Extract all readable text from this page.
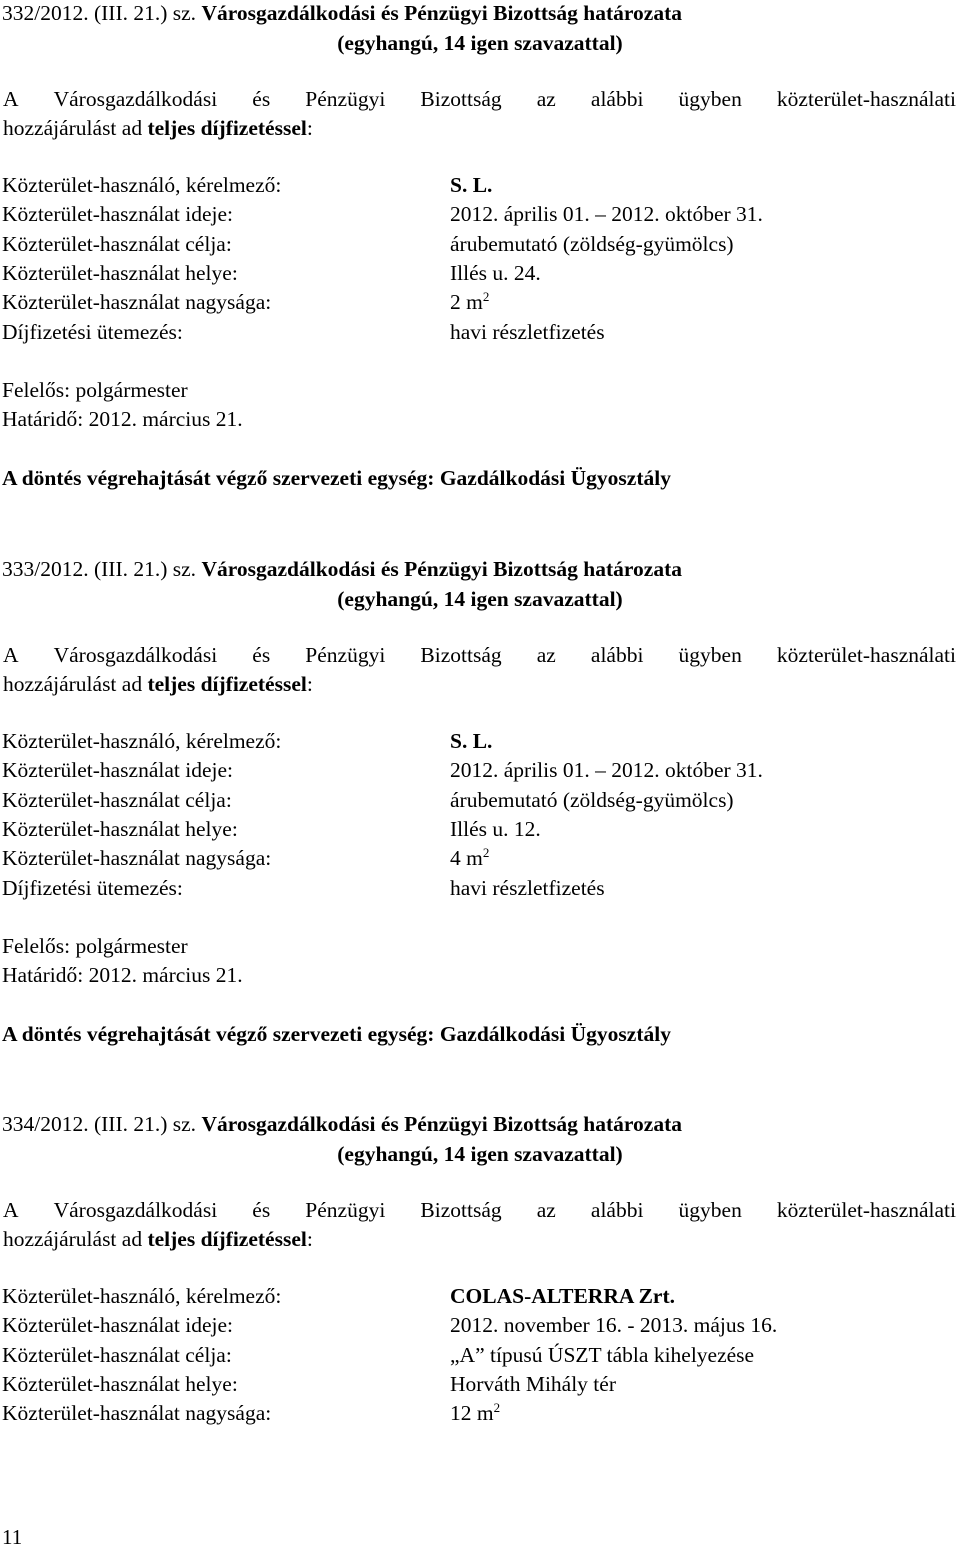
332/2012. (III. 21.) sz. Városgazdálkodási és Pénzügyi Bizottság határozata
(egyhangú, 14 igen szavazattal)
A Városgazdálkodási és Pénzügyi Bizottság az alábbi ügyben közterület-használati
hozzájárulást ad teljes díjfizetéssel:
Közterület-használó, kérelmező:	S. L.
Közterület-használat ideje:	2012. április 01. – 2012. október 31.
Közterület-használat célja:	árubemutató (zöldség-gyümölcs)
Közterület-használat helye:	Illés u. 24.
Közterület-használat nagysága:	2 $m^2$
Díjfizetési ütemezés:	havi részletfizetés
Felelős: polgármester
Határidő: 2012. március 21.
A döntés végrehajtását végző szervezeti egység: Gazdálkodási Ügyosztály
333/2012. (III. 21.) sz. Városgazdálkodási és Pénzügyi Bizottság határozata
(egyhangú, 14 igen szavazattal)
A Városgazdálkodási és Pénzügyi Bizottság az alábbi ügyben közterület-használati
hozzájárulást ad teljes díjfizetéssel:
Közterület-használó, kérelmező:	S. L.
Közterület-használat ideje:	2012. április 01. – 2012. október 31.
Közterület-használat célja:	árubemutató (zöldség-gyümölcs)
Közterület-használat helye:	Illés u. 12.
Közterület-használat nagysága:	4 $m^2$
Díjfizetési ütemezés:	havi részletfizetés
Felelős: polgármester
Határidő: 2012. március 21.
A döntés végrehajtását végző szervezeti egység: Gazdálkodási Ügyosztály
334/2012. (III. 21.) sz. Városgazdálkodási és Pénzügyi Bizottság határozata
(egyhangú, 14 igen szavazattal)
A Városgazdálkodási és Pénzügyi Bizottság az alábbi ügyben közterület-használati
hozzájárulást ad teljes díjfizetéssel:
Közterület-használó, kérelmező:	COLAS-ALTERRA Zrt.
Közterület-használat ideje:	2012. november 16. - 2013. május 16.
Közterület-használat célja:	„A” típusú ÚSZT tábla kihelyezése
Közterület-használat helye:	Horváth Mihály tér
Közterület-használat nagysága:	12 $m^2$
11
